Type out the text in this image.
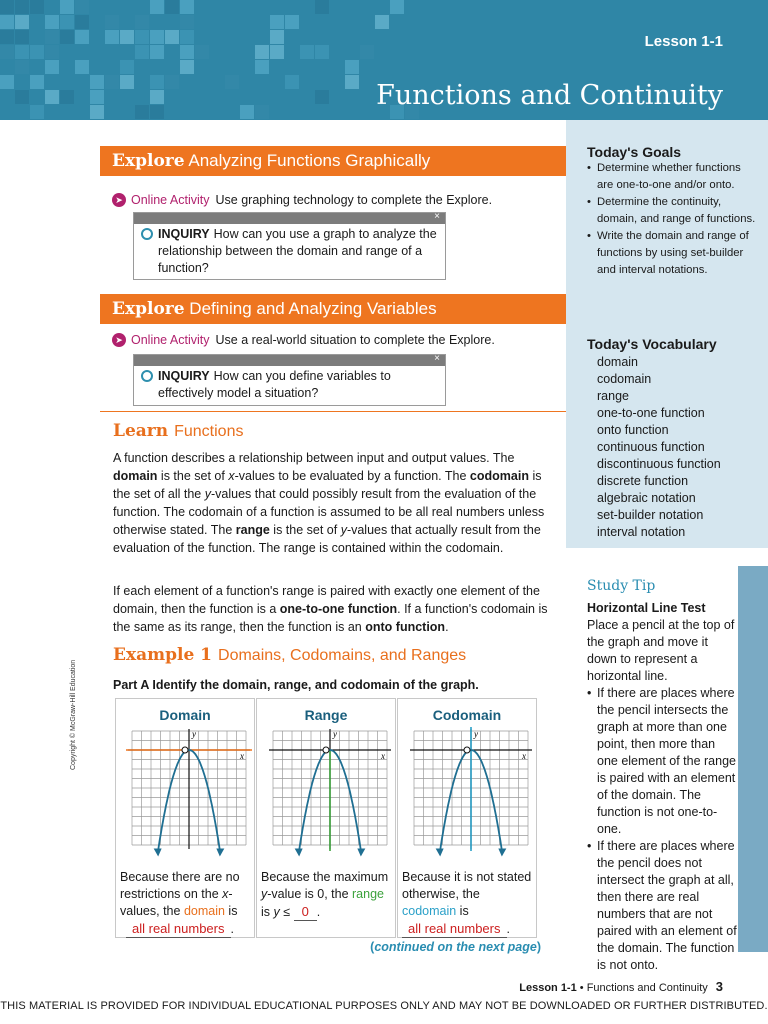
Lesson 1-1
Functions and Continuity
Explore Analyzing Functions Graphically
➤ Online Activity Use graphing technology to complete the Explore.
×
INQUIRY How can you use a graph to analyze the relationship between the domain and range of a function?
Explore Defining and Analyzing Variables
➤ Online Activity Use a real-world situation to complete the Explore.
×
INQUIRY How can you define variables to effectively model a situation?
Learn Functions
A function describes a relationship between input and output values. The domain is the set of x-values to be evaluated by a function. The codomain is the set of all the y-values that could possibly result from the evaluation of the function. The codomain of a function is assumed to be all real numbers unless otherwise stated. The range is the set of y-values that actually result from the evaluation of the function. The range is contained within the codomain.
If each element of a function's range is paired with exactly one element of the domain, then the function is a one-to-one function. If a function's codomain is the same as its range, then the function is an onto function.
Example 1 Domains, Codomains, and Ranges
Part A Identify the domain, range, and codomain of the graph.
Domain
x
y
Because there are no restrictions on the x-values, the domain is all real numbers .
Range
x
y
Because the maximum y-value is 0, the range is y ≤ 0 .
Codomain
x
y
Because it is not stated otherwise, the codomain is all real numbers .
(continued on the next page)
Today's Goals
• Determine whether functions are one-to-one and/or onto.
• Determine the continuity, domain, and range of functions.
• Write the domain and range of functions by using set-builder and interval notations.
Today's Vocabulary
domain
codomain
range
one-to-one function
onto function
continuous function
discontinuous function
discrete function
algebraic notation
set-builder notation
interval notation
Study Tip
Horizontal Line Test
Place a pencil at the top of the graph and move it down to represent a horizontal line.
• If there are places where the pencil intersects the graph at more than one point, then more than one element of the range is paired with an element of the domain. The function is not one-to-one.
• If there are places where the pencil does not intersect the graph at all, then there are real numbers that are not paired with an element of the domain. The function is not onto.
Copyright © McGraw-Hill Education
Lesson 1-1 • Functions and Continuity 3
THIS MATERIAL IS PROVIDED FOR INDIVIDUAL EDUCATIONAL PURPOSES ONLY AND MAY NOT BE DOWNLOADED OR FURTHER DISTRIBUTED.
